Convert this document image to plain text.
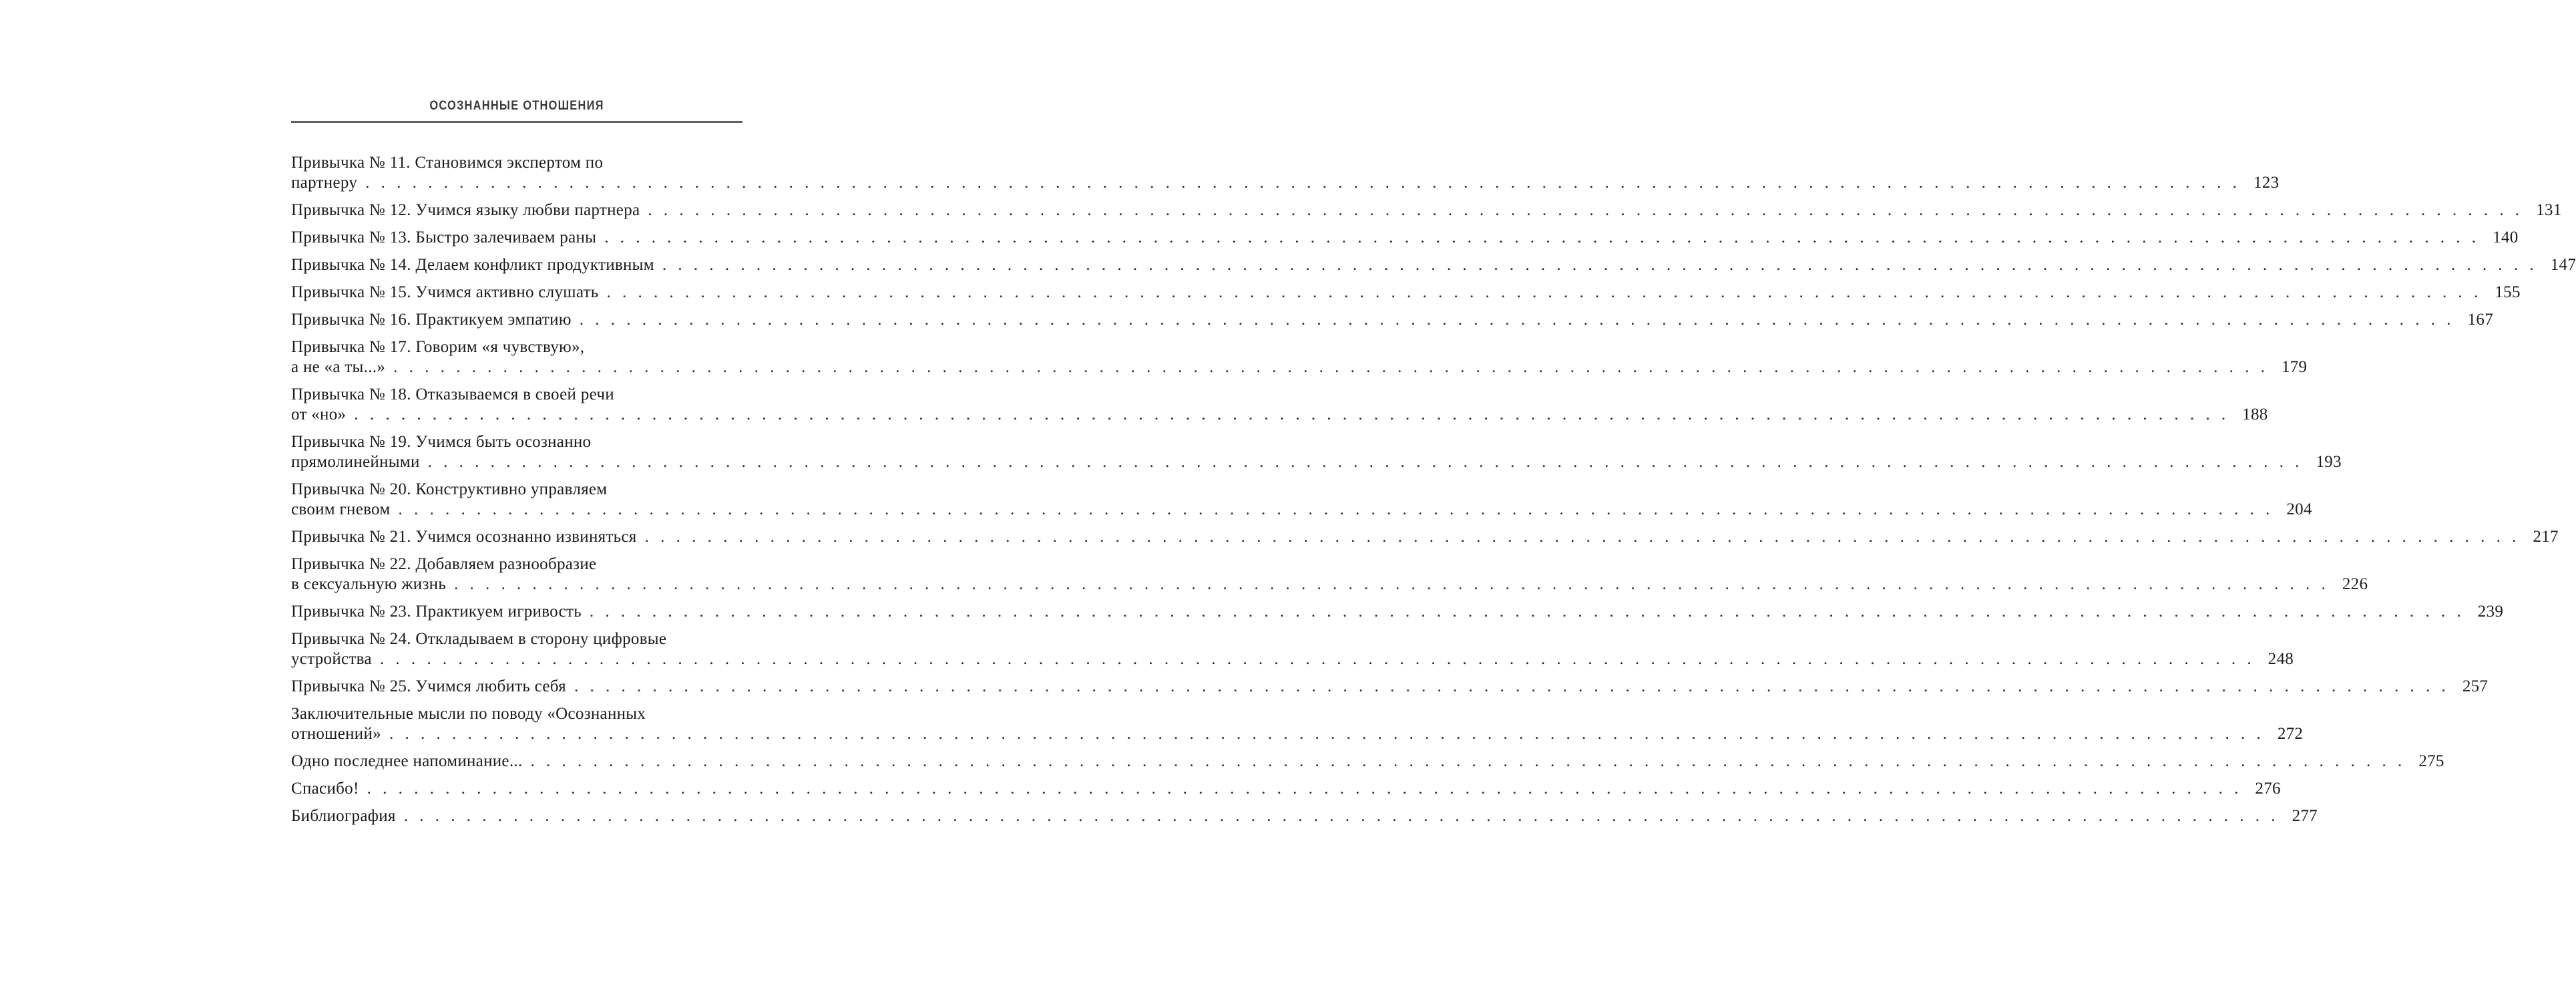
ОСОЗНАННЫЕ ОТНОШЕНИЯ
Привычка № 11. Становимся экспертом по
партнеру . . . . . . . . . . . . . . . . . . . . . . . . . . . . . . . . . . . . . . . . . . . . . . . . . . . . . . . . . . . . . . . . . . . . . . . . . . . . . . . . . . . . . . . . . . . . . . . . . . . . . . . . . . . . . . . . . . . . . . . . 123
Привычка № 12. Учимся языку любви партнера . . . . . . . . . . . . . . . . . . . . . . . . . . . . . . . . . . . . . . . . . . . . . . . . . . . . . . . . . . . . . . . . . . . . . . . . . . . . . . . . . . . . . . . . . . . . . . . . . . . . . . . . . . . . . . . . . . . . . . . . 131
Привычка № 13. Быстро залечиваем раны . . . . . . . . . . . . . . . . . . . . . . . . . . . . . . . . . . . . . . . . . . . . . . . . . . . . . . . . . . . . . . . . . . . . . . . . . . . . . . . . . . . . . . . . . . . . . . . . . . . . . . . . . . . . . . . . . . . . . . . . 140
Привычка № 14. Делаем конфликт продуктивным . . . . . . . . . . . . . . . . . . . . . . . . . . . . . . . . . . . . . . . . . . . . . . . . . . . . . . . . . . . . . . . . . . . . . . . . . . . . . . . . . . . . . . . . . . . . . . . . . . . . . . . . . . . . . . . . . . . . . . . . 147
Привычка № 15. Учимся активно слушать . . . . . . . . . . . . . . . . . . . . . . . . . . . . . . . . . . . . . . . . . . . . . . . . . . . . . . . . . . . . . . . . . . . . . . . . . . . . . . . . . . . . . . . . . . . . . . . . . . . . . . . . . . . . . . . . . . . . . . . . 155
Привычка № 16. Практикуем эмпатию . . . . . . . . . . . . . . . . . . . . . . . . . . . . . . . . . . . . . . . . . . . . . . . . . . . . . . . . . . . . . . . . . . . . . . . . . . . . . . . . . . . . . . . . . . . . . . . . . . . . . . . . . . . . . . . . . . . . . . . . 167
Привычка № 17. Говорим «я чувствую»,
а не «а ты...» . . . . . . . . . . . . . . . . . . . . . . . . . . . . . . . . . . . . . . . . . . . . . . . . . . . . . . . . . . . . . . . . . . . . . . . . . . . . . . . . . . . . . . . . . . . . . . . . . . . . . . . . . . . . . . . . . . . . . . . . 179
Привычка № 18. Отказываемся в своей речи
от «но» . . . . . . . . . . . . . . . . . . . . . . . . . . . . . . . . . . . . . . . . . . . . . . . . . . . . . . . . . . . . . . . . . . . . . . . . . . . . . . . . . . . . . . . . . . . . . . . . . . . . . . . . . . . . . . . . . . . . . . . . 188
Привычка № 19. Учимся быть осознанно
прямолинейными . . . . . . . . . . . . . . . . . . . . . . . . . . . . . . . . . . . . . . . . . . . . . . . . . . . . . . . . . . . . . . . . . . . . . . . . . . . . . . . . . . . . . . . . . . . . . . . . . . . . . . . . . . . . . . . . . . . . . . . . 193
Привычка № 20. Конструктивно управляем
своим гневом . . . . . . . . . . . . . . . . . . . . . . . . . . . . . . . . . . . . . . . . . . . . . . . . . . . . . . . . . . . . . . . . . . . . . . . . . . . . . . . . . . . . . . . . . . . . . . . . . . . . . . . . . . . . . . . . . . . . . . . . 204
Привычка № 21. Учимся осознанно извиняться . . . . . . . . . . . . . . . . . . . . . . . . . . . . . . . . . . . . . . . . . . . . . . . . . . . . . . . . . . . . . . . . . . . . . . . . . . . . . . . . . . . . . . . . . . . . . . . . . . . . . . . . . . . . . . . . . . . . . . . . 217
Привычка № 22. Добавляем разнообразие
в сексуальную жизнь . . . . . . . . . . . . . . . . . . . . . . . . . . . . . . . . . . . . . . . . . . . . . . . . . . . . . . . . . . . . . . . . . . . . . . . . . . . . . . . . . . . . . . . . . . . . . . . . . . . . . . . . . . . . . . . . . . . . . . . . 226
Привычка № 23. Практикуем игривость . . . . . . . . . . . . . . . . . . . . . . . . . . . . . . . . . . . . . . . . . . . . . . . . . . . . . . . . . . . . . . . . . . . . . . . . . . . . . . . . . . . . . . . . . . . . . . . . . . . . . . . . . . . . . . . . . . . . . . . . 239
Привычка № 24. Откладываем в сторону цифровые
устройства . . . . . . . . . . . . . . . . . . . . . . . . . . . . . . . . . . . . . . . . . . . . . . . . . . . . . . . . . . . . . . . . . . . . . . . . . . . . . . . . . . . . . . . . . . . . . . . . . . . . . . . . . . . . . . . . . . . . . . . . 248
Привычка № 25. Учимся любить себя . . . . . . . . . . . . . . . . . . . . . . . . . . . . . . . . . . . . . . . . . . . . . . . . . . . . . . . . . . . . . . . . . . . . . . . . . . . . . . . . . . . . . . . . . . . . . . . . . . . . . . . . . . . . . . . . . . . . . . . . 257
Заключительные мысли по поводу «Осознанных
отношений» . . . . . . . . . . . . . . . . . . . . . . . . . . . . . . . . . . . . . . . . . . . . . . . . . . . . . . . . . . . . . . . . . . . . . . . . . . . . . . . . . . . . . . . . . . . . . . . . . . . . . . . . . . . . . . . . . . . . . . . . 272
Одно последнее напоминание... . . . . . . . . . . . . . . . . . . . . . . . . . . . . . . . . . . . . . . . . . . . . . . . . . . . . . . . . . . . . . . . . . . . . . . . . . . . . . . . . . . . . . . . . . . . . . . . . . . . . . . . . . . . . . . . . . . . . . . . . 275
Спасибо! . . . . . . . . . . . . . . . . . . . . . . . . . . . . . . . . . . . . . . . . . . . . . . . . . . . . . . . . . . . . . . . . . . . . . . . . . . . . . . . . . . . . . . . . . . . . . . . . . . . . . . . . . . . . . . . . . . . . . . . . 276
Библиография . . . . . . . . . . . . . . . . . . . . . . . . . . . . . . . . . . . . . . . . . . . . . . . . . . . . . . . . . . . . . . . . . . . . . . . . . . . . . . . . . . . . . . . . . . . . . . . . . . . . . . . . . . . . . . . . . . . . . . . . 277
